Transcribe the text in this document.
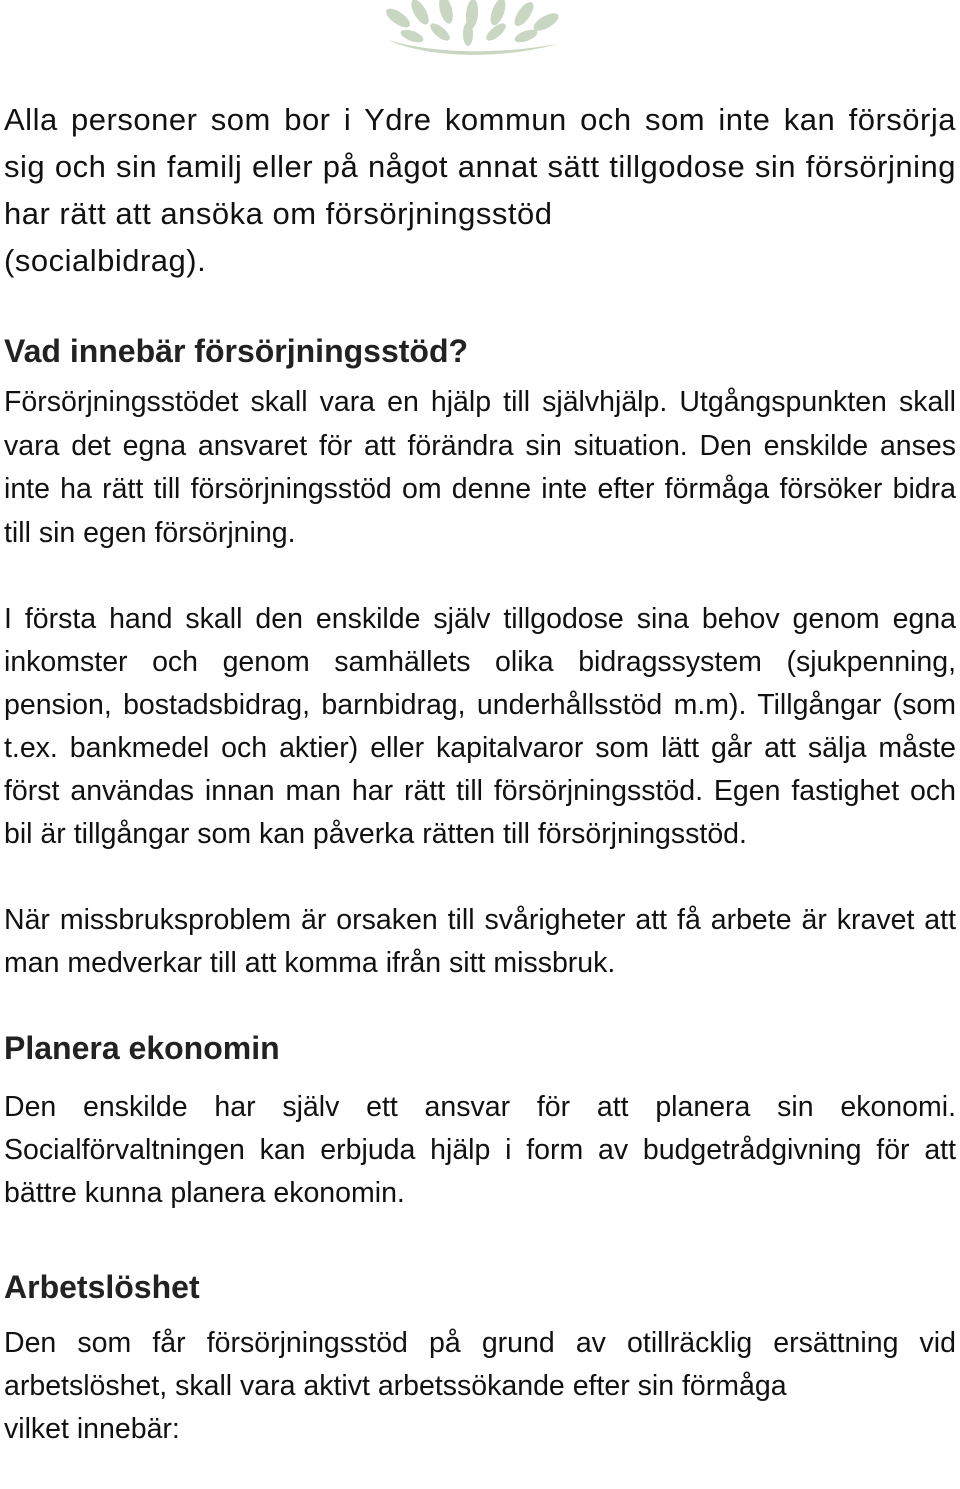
Alla personer som bor i Ydre kommun och som inte kan försörja sig och sin familj eller på något annat sätt tillgodose sin försörjning har rätt att ansöka om försörjningsstöd

(socialbidrag).

Vad innebär försörjningsstöd?

Försörjningsstödet skall vara en hjälp till självhjälp. Utgångspunkten skall vara det egna ansvaret för att förändra sin situation. Den enskilde anses inte ha rätt till försörjningsstöd om denne inte efter förmåga försöker bidra till sin egen försörjning.

I första hand skall den enskilde själv tillgodose sina behov genom egna inkomster och genom samhällets olika bidragssystem (sjukpenning, pension, bostadsbidrag, barnbidrag, underhållsstöd m.m). Tillgångar (som t.ex. bankmedel och aktier) eller kapitalvaror som lätt går att sälja måste först användas innan man har rätt till försörjningsstöd. Egen fastighet och bil är tillgångar som kan påverka rätten till försörjningsstöd.

När missbruksproblem är orsaken till svårigheter att få arbete är kravet att man medverkar till att komma ifrån sitt missbruk.

Planera ekonomin

Den enskilde har själv ett ansvar för att planera sin ekonomi. Socialförvaltningen kan erbjuda hjälp i form av budgetrådgivning för att bättre kunna planera ekonomin.

Arbetslöshet

Den som får försörjningsstöd på grund av otillräcklig ersättning vid arbetslöshet, skall vara aktivt arbetssökande efter sin förmåga

vilket innebär:
